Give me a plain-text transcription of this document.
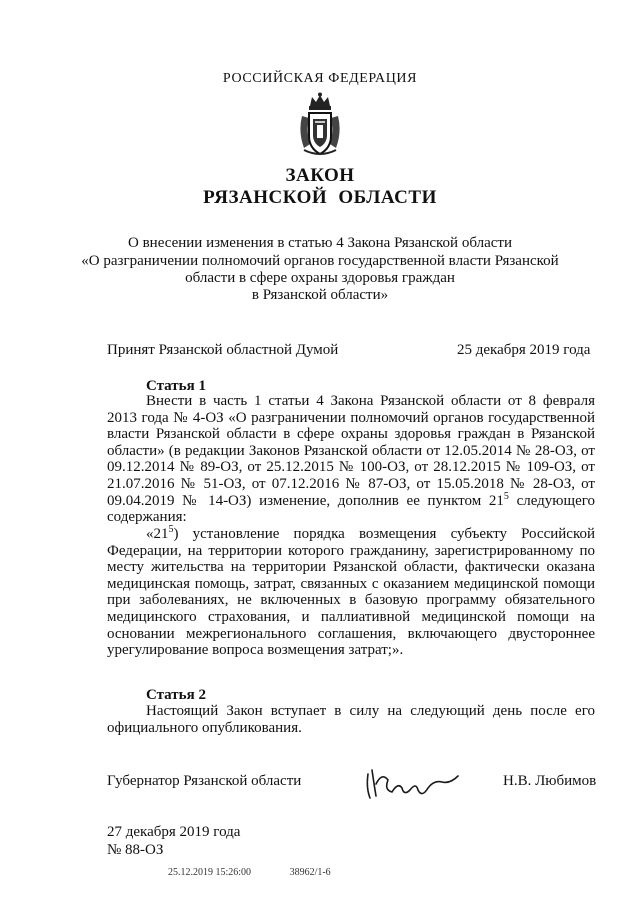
РОССИЙСКАЯ ФЕДЕРАЦИЯ
ЗАКОН
РЯЗАНСКОЙ ОБЛАСТИ
О внесении изменения в статью 4 Закона Рязанской области
«О разграничении полномочий органов государственной власти Рязанской
области в сфере охраны здоровья граждан
в Рязанской области»
Принят Рязанской областной Думой	25 декабря 2019 года
Статья 1
Внести в часть 1 статьи 4 Закона Рязанской области от 8 февраля 2013 года № 4-ОЗ «О разграничении полномочий органов государственной власти Рязанской области в сфере охраны здоровья граждан в Рязанской области» (в редакции Законов Рязанской области от 12.05.2014 № 28-ОЗ, от 09.12.2014 № 89-ОЗ, от 25.12.2015 № 100-ОЗ, от 28.12.2015 № 109-ОЗ, от 21.07.2016 № 51-ОЗ, от 07.12.2016 № 87-ОЗ, от 15.05.2018 № 28-ОЗ, от 09.04.2019 № 14-ОЗ) изменение, дополнив ее пунктом $21^5$ следующего содержания:
«$21^5$) установление порядка возмещения субъекту Российской Федерации, на территории которого гражданину, зарегистрированному по месту жительства на территории Рязанской области, фактически оказана медицинская помощь, затрат, связанных с оказанием медицинской помощи при заболеваниях, не включенных в базовую программу обязательного медицинского страхования, и паллиативной медицинской помощи на основании межрегионального соглашения, включающего двустороннее урегулирование вопроса возмещения затрат;».
Статья 2
Настоящий Закон вступает в силу на следующий день после его официального опубликования.
Губернатор Рязанской области	Н.В. Любимов
27 декабря 2019 года
№ 88-ОЗ
25.12.2019 15:26:00	38962/1-6
